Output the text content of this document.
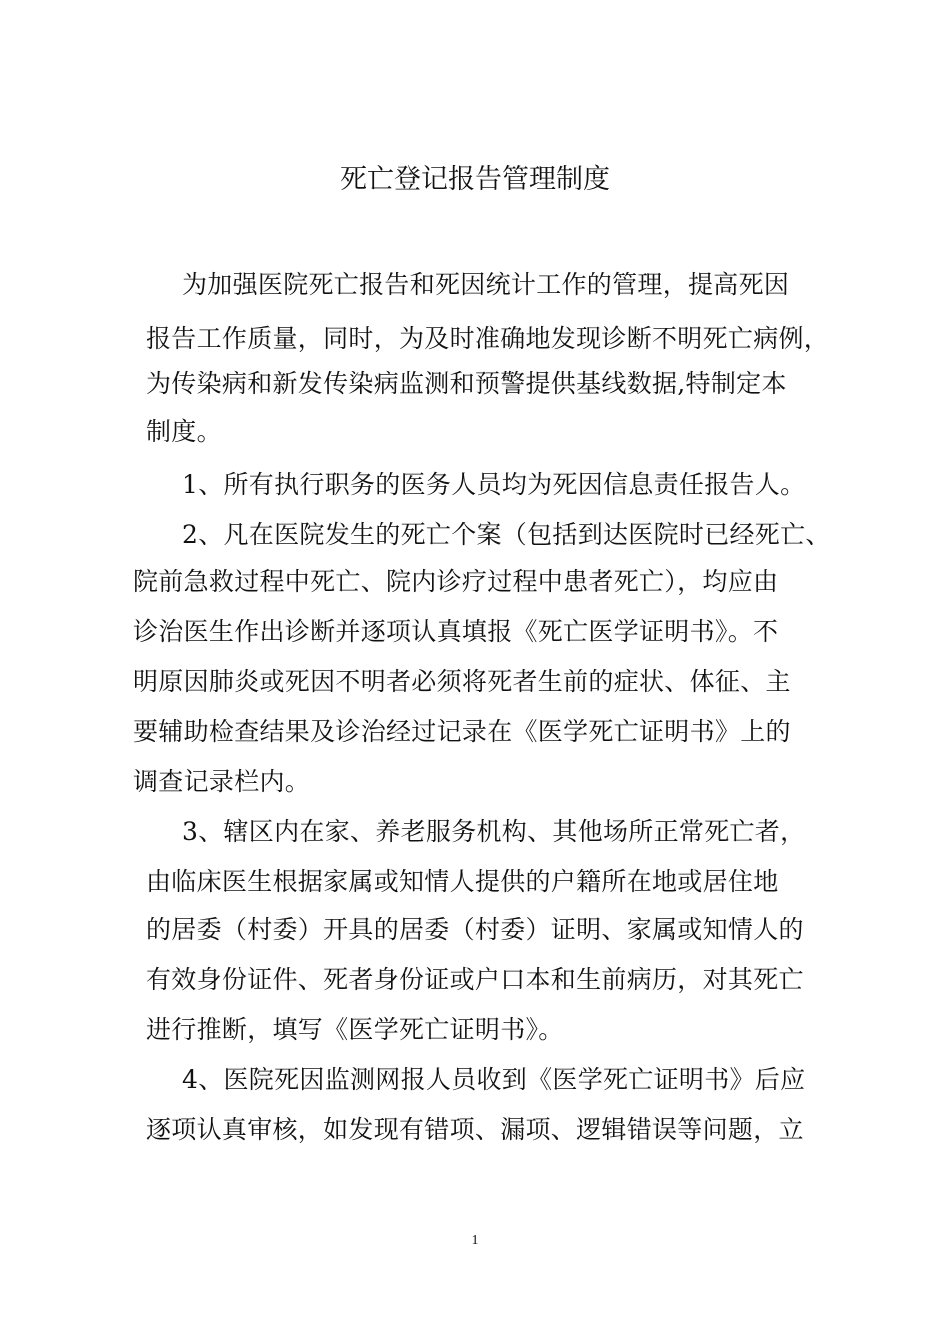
死亡登记报告管理制度
为加强医院死亡报告和死因统计工作的管理，提高死因
报告工作质量，同时，为及时准确地发现诊断不明死亡病例，
为传染病和新发传染病监测和预警提供基线数据,特制定本
制度。
1、所有执行职务的医务人员均为死因信息责任报告人。
2、凡在医院发生的死亡个案（包括到达医院时已经死亡、
院前急救过程中死亡、院内诊疗过程中患者死亡），均应由
诊治医生作出诊断并逐项认真填报《死亡医学证明书》。不
明原因肺炎或死因不明者必须将死者生前的症状、体征、主
要辅助检查结果及诊治经过记录在《医学死亡证明书》上的
调查记录栏内。
3、辖区内在家、养老服务机构、其他场所正常死亡者，
由临床医生根据家属或知情人提供的户籍所在地或居住地
的居委（村委）开具的居委（村委）证明、家属或知情人的
有效身份证件、死者身份证或户口本和生前病历，对其死亡
进行推断，填写《医学死亡证明书》。
4、医院死因监测网报人员收到《医学死亡证明书》后应
逐项认真审核，如发现有错项、漏项、逻辑错误等问题，立
1
